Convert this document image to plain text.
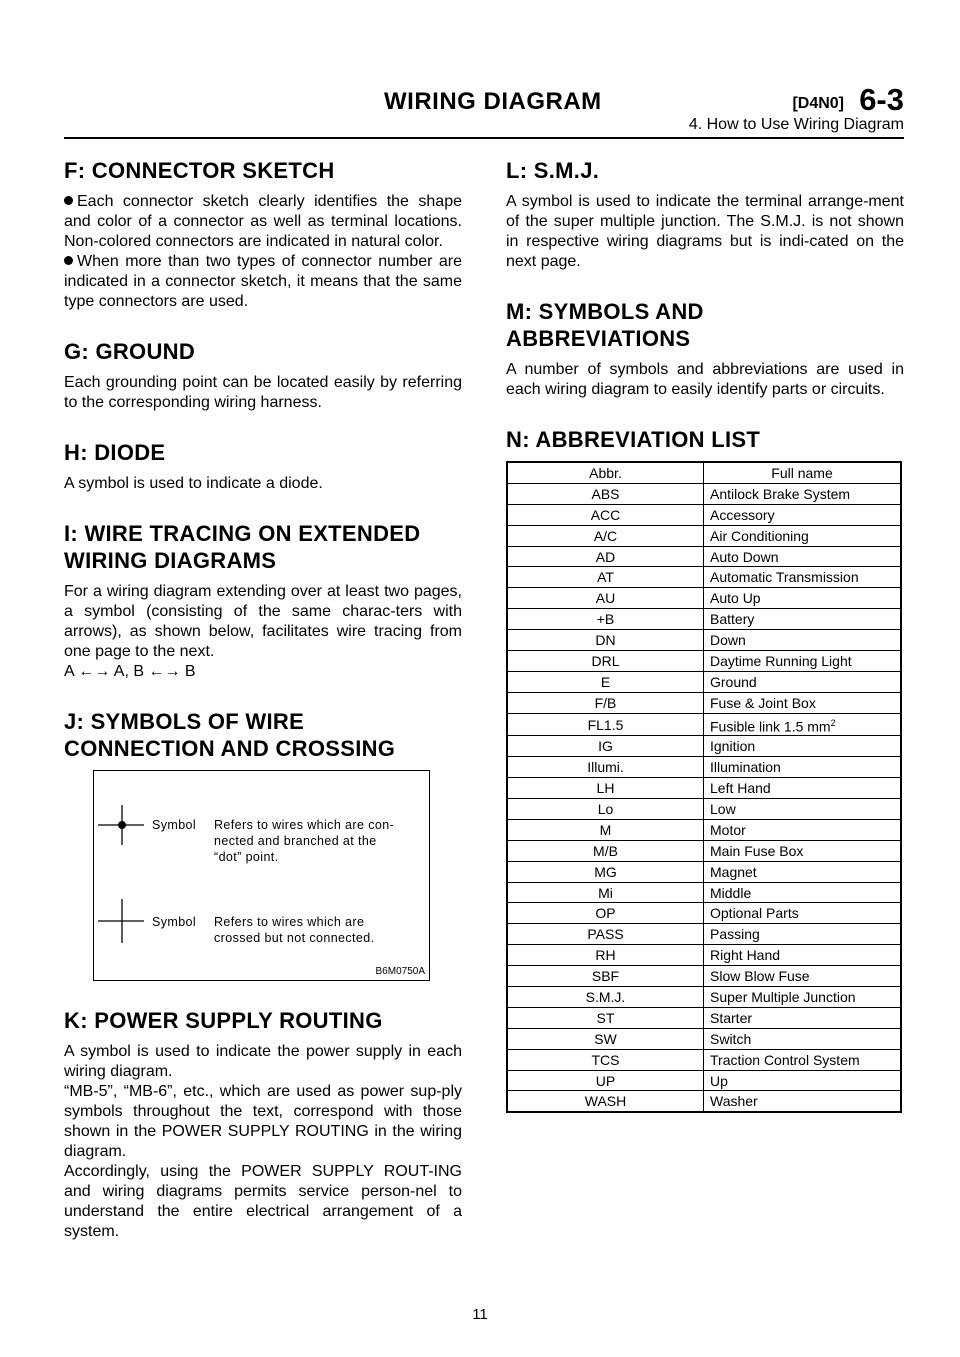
WIRING DIAGRAM	[D4N0] 6-3
4. How to Use Wiring Diagram
F: CONNECTOR SKETCH
Each connector sketch clearly identifies the shape and color of a connector as well as terminal locations. Non-colored connectors are indicated in natural color.
When more than two types of connector number are indicated in a connector sketch, it means that the same type connectors are used.
G: GROUND

Each grounding point can be located easily by referring to the corresponding wiring harness.

H: DIODE

A symbol is used to indicate a diode.

I: WIRE TRACING ON EXTENDED
WIRING DIAGRAMS

For a wiring diagram extending over at least two pages, a symbol (consisting of the same charac-ters with arrows), as shown below, facilitates wire tracing from one page to the next.

A ←→ A, B ←→ B

J: SYMBOLS OF WIRE
CONNECTION AND CROSSING
Symbol Refers to wires which are con-
nected and branched at the
“dot” point.
Symbol Refers to wires which are
crossed but not connected.
B6M0750A
K: POWER SUPPLY ROUTING

A symbol is used to indicate the power supply in each wiring diagram.

“MB-5”, “MB-6”, etc., which are used as power sup-ply symbols throughout the text, correspond with those shown in the POWER SUPPLY ROUTING in the wiring diagram.

Accordingly, using the POWER SUPPLY ROUT-ING and wiring diagrams permits service person-nel to understand the entire electrical arrangement of a system.

L: S.M.J.

A symbol is used to indicate the terminal arrange-ment of the super multiple junction. The S.M.J. is not shown in respective wiring diagrams but is indi-cated on the next page.

M: SYMBOLS AND
ABBREVIATIONS

A number of symbols and abbreviations are used in each wiring diagram to easily identify parts or circuits.

N: ABBREVIATION LIST
Abbr.	Full name
ABS	Antilock Brake System
ACC	Accessory
A/C	Air Conditioning
AD	Auto Down
AT	Automatic Transmission
AU	Auto Up
+B	Battery
DN	Down
DRL	Daytime Running Light
E	Ground
F/B	Fuse & Joint Box
FL1.5	Fusible link 1.5 $mm^2$
IG	Ignition
Illumi.	Illumination
LH	Left Hand
Lo	Low
M	Motor
M/B	Main Fuse Box
MG	Magnet
Mi	Middle
OP	Optional Parts
PASS	Passing
RH	Right Hand
SBF	Slow Blow Fuse
S.M.J.	Super Multiple Junction
ST	Starter
SW	Switch
TCS	Traction Control System
UP	Up
WASH	Washer
11
